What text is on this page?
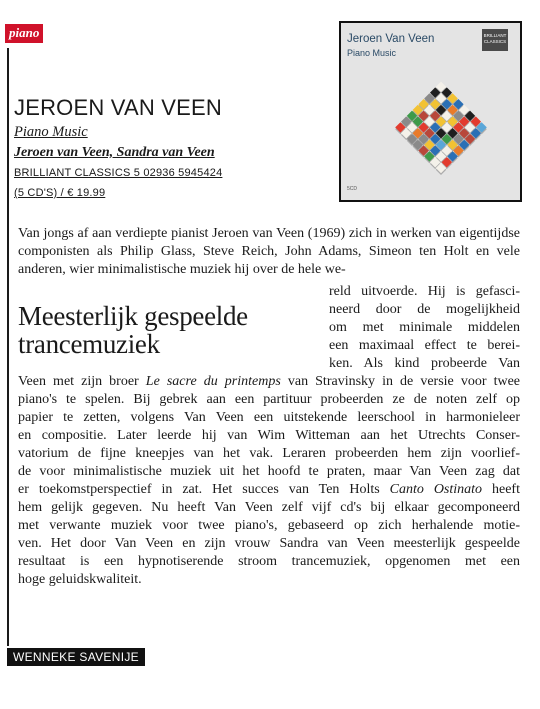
piano
JEROEN VAN VEEN
Piano Music
Jeroen van Veen, Sandra van Veen
BRILLIANT CLASSICS 5 02936 5945424
(5 CD'S) / € 19.99
Jeroen Van Veen
Piano Music
BRILLIANT CLASSICS
5CD
Van jongs af aan verdiepte pianist Jeroen van Veen (1969) zich in werken van eigentijdse componisten als Philip Glass, Steve Reich, John Adams, Simeon ten Holt en vele anderen, wier minimalistische muziek hij over de hele we-
Meesterlijk gespeelde trancemuziek
reld uitvoerde. Hij is gefasci-
neerd door de mogelijkheid
om met minimale middelen
een maximaal effect te berei-
ken. Als kind probeerde Van
Veen met zijn broer Le sacre du printemps van Stravinsky in de versie voor twee
piano's te spelen. Bij gebrek aan een partituur probeerden ze de noten zelf op
papier te zetten, volgens Van Veen een uitstekende leerschool in harmonieleer
en compositie. Later leerde hij van Wim Witteman aan het Utrechts Conser-
vatorium de fijne kneepjes van het vak. Leraren probeerden hem zijn voorlief-
de voor minimalistische muziek uit het hoofd te praten, maar Van Veen zag dat
er toekomstperspectief in zat. Het succes van Ten Holts Canto Ostinato heeft
hem gelijk gegeven. Nu heeft Van Veen zelf vijf cd's bij elkaar gecomponeerd
met verwante muziek voor twee piano's, gebaseerd op zich herhalende motie-
ven. Het door Van Veen en zijn vrouw Sandra van Veen meesterlijk gespeelde
resultaat is een hypnotiserende stroom trancemuziek, opgenomen met een
hoge geluidskwaliteit.
WENNEKE SAVENIJE
